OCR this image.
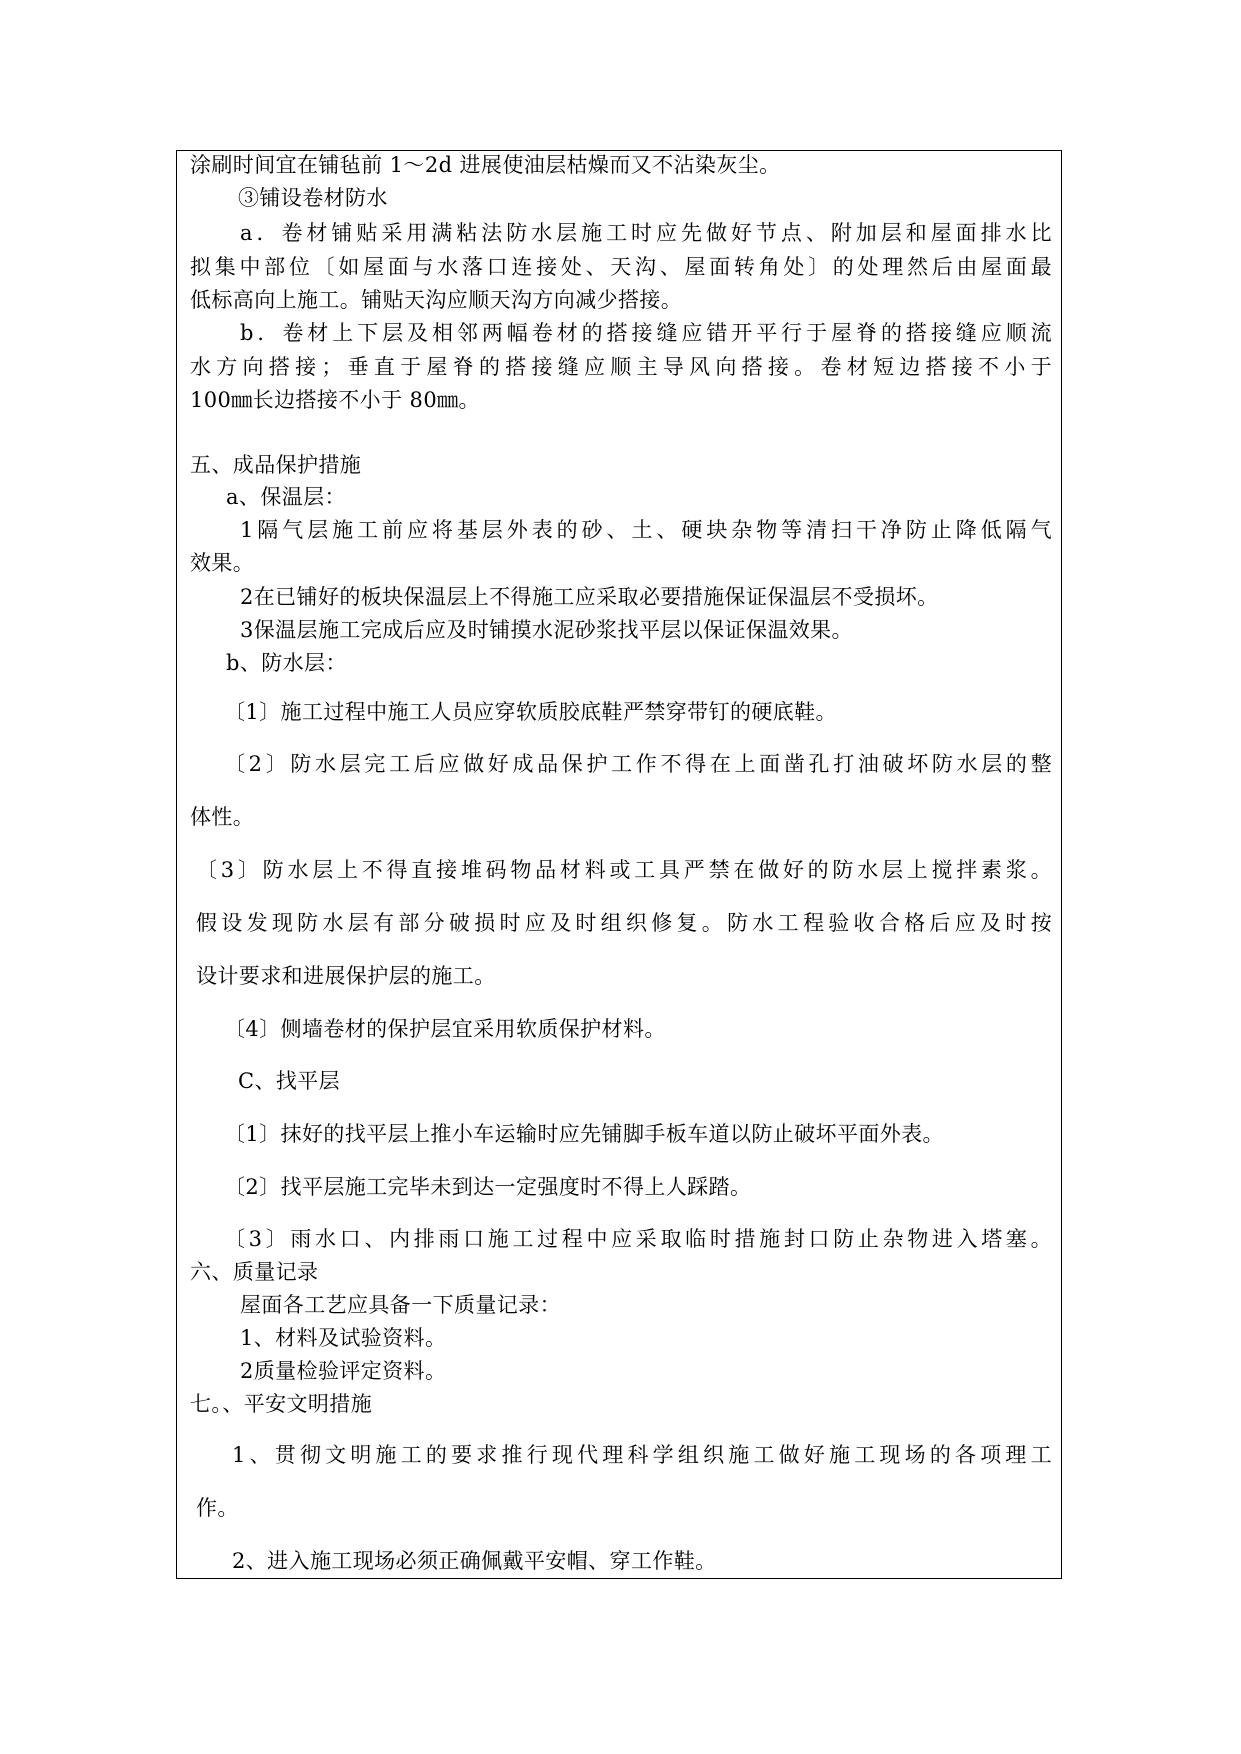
涂刷时间宜在铺毡前 1～2d 进展使油层枯燥而又不沾染灰尘。
③铺设卷材防水
a．卷材铺贴采用满粘法防水层施工时应先做好节点、附加层和屋面排水比
拟集中部位〔如屋面与水落口连接处、天沟、屋面转角处〕的处理然后由屋面最
低标高向上施工。铺贴天沟应顺天沟方向减少搭接。
b．卷材上下层及相邻两幅卷材的搭接缝应错开平行于屋脊的搭接缝应顺流
水方向搭接；垂直于屋脊的搭接缝应顺主导风向搭接。卷材短边搭接不小于
100㎜长边搭接不小于 80㎜。
五、成品保护措施
a、保温层：
1隔气层施工前应将基层外表的砂、土、硬块杂物等清扫干净防止降低隔气
效果。
2在已铺好的板块保温层上不得施工应采取必要措施保证保温层不受损坏。
3保温层施工完成后应及时铺摸水泥砂浆找平层以保证保温效果。
b、防水层：
〔1〕施工过程中施工人员应穿软质胶底鞋严禁穿带钉的硬底鞋。
〔2〕防水层完工后应做好成品保护工作不得在上面凿孔打油破坏防水层的整
体性。
〔3〕防水层上不得直接堆码物品材料或工具严禁在做好的防水层上搅拌素浆。
假设发现防水层有部分破损时应及时组织修复。防水工程验收合格后应及时按
设计要求和进展保护层的施工。
〔4〕侧墙卷材的保护层宜采用软质保护材料。
C、找平层
〔1〕抹好的找平层上推小车运输时应先铺脚手板车道以防止破坏平面外表。
〔2〕找平层施工完毕未到达一定强度时不得上人踩踏。
〔3〕雨水口、内排雨口施工过程中应采取临时措施封口防止杂物进入塔塞。
六、质量记录
屋面各工艺应具备一下质量记录：
1、材料及试验资料。
2质量检验评定资料。
七。、平安文明措施
1、贯彻文明施工的要求推行现代理科学组织施工做好施工现场的各项理工
作。
2、进入施工现场必须正确佩戴平安帽、穿工作鞋。
